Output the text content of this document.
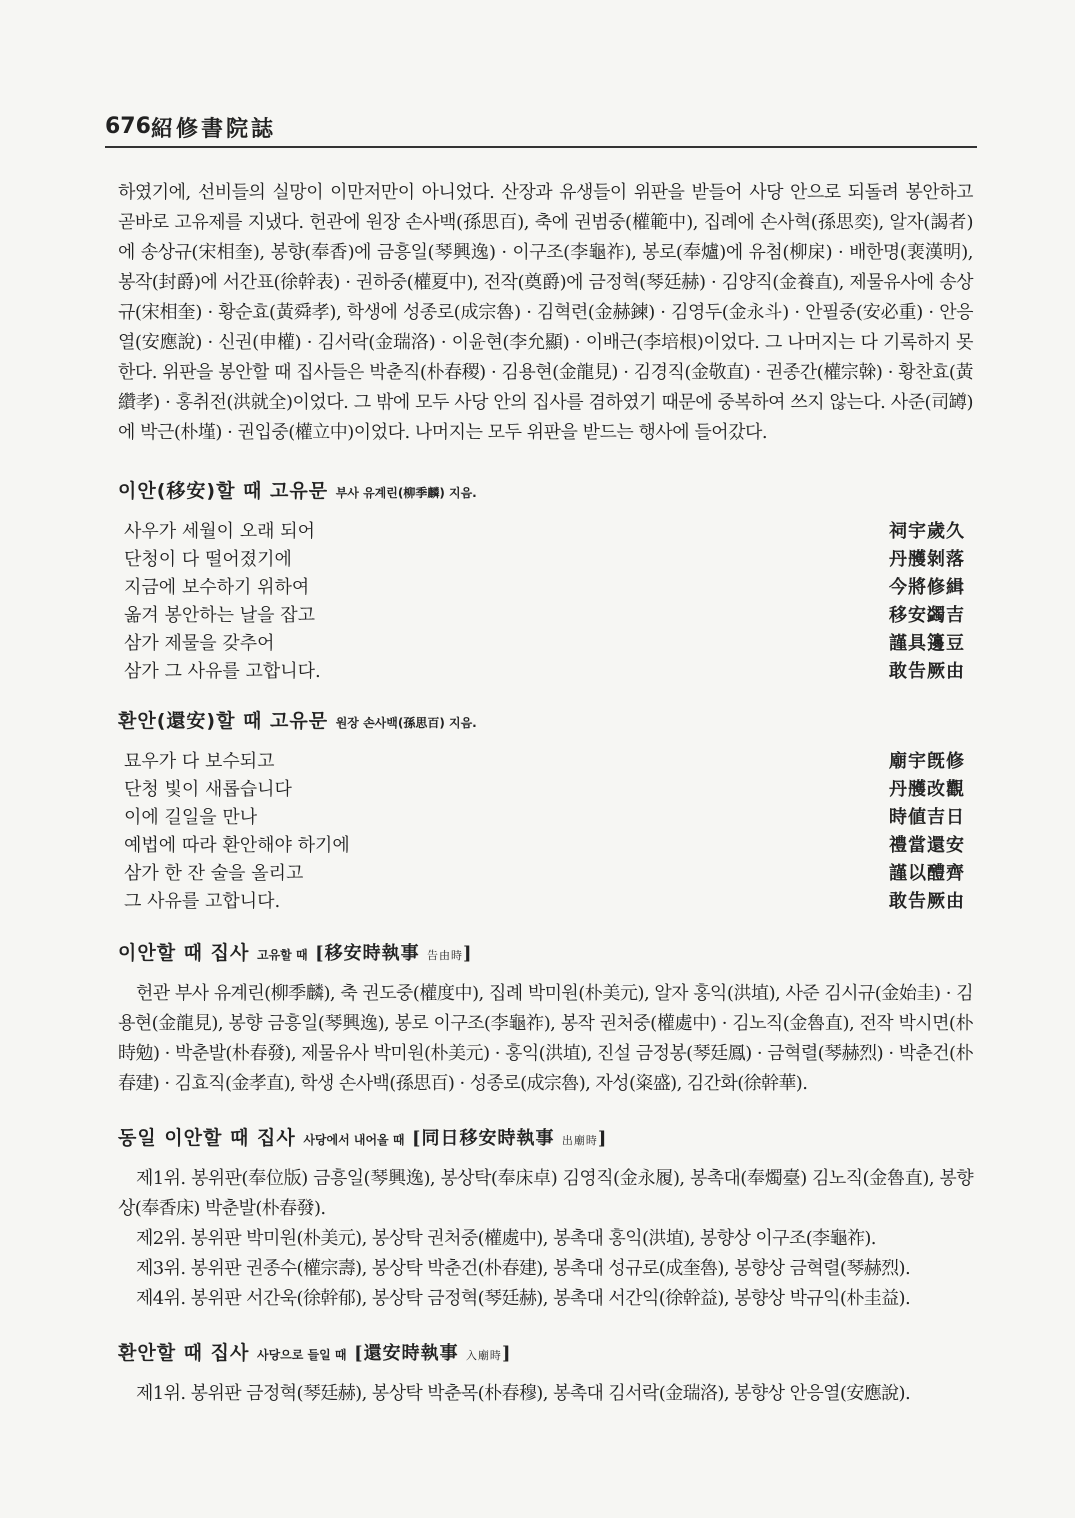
676 紹修書院誌

하였기에, 선비들의 실망이 이만저만이 아니었다. 산장과 유생들이 위판을 받들어 사당 안으로 되돌려 봉안하고 곧바로 고유제를 지냈다. 헌관에 원장 손사백(孫思百), 축에 권범중(權範中), 집례에 손사혁(孫思奕), 알자(謁者)에 송상규(宋相奎), 봉향(奉香)에 금흥일(琴興逸) · 이구조(李龜祚), 봉로(奉爐)에 유첨(柳㦿) · 배한명(裵漢明), 봉작(封爵)에 서간표(徐幹表) · 권하중(權夏中), 전작(奠爵)에 금정혁(琴廷赫) · 김양직(金養直), 제물유사에 송상규(宋相奎) · 황순효(黃舜孝), 학생에 성종로(成宗魯) · 김혁련(金赫鍊) · 김영두(金永斗) · 안필중(安必重) · 안응열(安應說) · 신권(申權) · 김서락(金瑞洛) · 이윤현(李允顯) · 이배근(李培根)이었다. 그 나머지는 다 기록하지 못한다. 위판을 봉안할 때 집사들은 박춘직(朴春稷) · 김용현(金龍見) · 김경직(金敬直) · 권종간(權宗榦) · 황찬효(黃纘孝) · 홍취전(洪就全)이었다. 그 밖에 모두 사당 안의 집사를 겸하였기 때문에 중복하여 쓰지 않는다. 사준(司罇)에 박근(朴墐) · 권입중(權立中)이었다. 나머지는 모두 위판을 받드는 행사에 들어갔다.

이안(移安)할 때 고유문 부사 유계린(柳季麟) 지음.
사우가 세월이 오래 되어	祠宇歲久
단청이 다 떨어졌기에	丹雘剝落
지금에 보수하기 위하여	今將修緝
옮겨 봉안하는 날을 잡고	移安蠲吉
삼가 제물을 갖추어	謹具籩豆
삼가 그 사유를 고합니다.	敢告厥由
환안(還安)할 때 고유문 원장 손사백(孫思百) 지음.
묘우가 다 보수되고	廟宇旣修
단청 빛이 새롭습니다	丹雘改觀
이에 길일을 만나	時値吉日
예법에 따라 환안해야 하기에	禮當還安
삼가 한 잔 술을 올리고	謹以醴齊
그 사유를 고합니다.	敢告厥由
이안할 때 집사 고유할 때 [移安時執事 告由時]

헌관 부사 유계린(柳季麟), 축 권도중(權度中), 집례 박미원(朴美元), 알자 홍익(洪埴), 사준 김시규(金始圭) · 김용현(金龍見), 봉향 금흥일(琴興逸), 봉로 이구조(李龜祚), 봉작 권처중(權處中) · 김노직(金魯直), 전작 박시면(朴時勉) · 박춘발(朴春發), 제물유사 박미원(朴美元) · 홍익(洪埴), 진설 금정봉(琴廷鳳) · 금혁렬(琴赫烈) · 박춘건(朴春建) · 김효직(金孝直), 학생 손사백(孫思百) · 성종로(成宗魯), 자성(粢盛), 김간화(徐幹華).

동일 이안할 때 집사 사당에서 내어올 때 [同日移安時執事 出廟時]

제1위. 봉위판(奉位版) 금흥일(琴興逸), 봉상탁(奉床卓) 김영직(金永履), 봉촉대(奉燭臺) 김노직(金魯直), 봉향상(奉香床) 박춘발(朴春發).

제2위. 봉위판 박미원(朴美元), 봉상탁 권처중(權處中), 봉촉대 홍익(洪埴), 봉향상 이구조(李龜祚).

제3위. 봉위판 권종수(權宗壽), 봉상탁 박춘건(朴春建), 봉촉대 성규로(成奎魯), 봉향상 금혁렬(琴赫烈).

제4위. 봉위판 서간욱(徐幹郁), 봉상탁 금정혁(琴廷赫), 봉촉대 서간익(徐幹益), 봉향상 박규익(朴圭益).

환안할 때 집사 사당으로 들일 때 [還安時執事 入廟時]

제1위. 봉위판 금정혁(琴廷赫), 봉상탁 박춘목(朴春穆), 봉촉대 김서락(金瑞洛), 봉향상 안응열(安應說).
